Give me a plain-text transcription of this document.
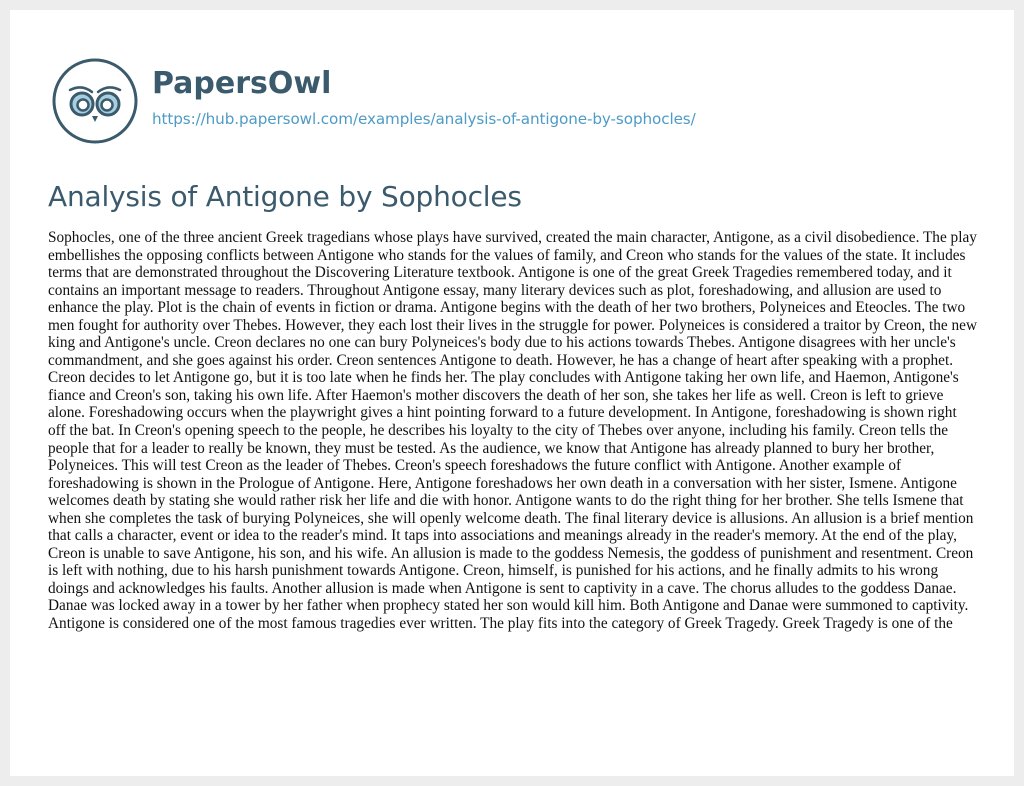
PapersOwl
https://hub.papersowl.com/examples/analysis-of-antigone-by-sophocles/
Analysis of Antigone by Sophocles

Sophocles, one of the three ancient Greek tragedians whose plays have survived, created the main character, Antigone, as a civil disobedience. The play embellishes the opposing conflicts between Antigone who stands for the values of family, and Creon who stands for the values of the state. It includes terms that are demonstrated throughout the Discovering Literature textbook. Antigone is one of the great Greek Tragedies remembered today, and it contains an important message to readers. Throughout Antigone essay, many literary devices such as plot, foreshadowing, and allusion are used to enhance the play. Plot is the chain of events in fiction or drama. Antigone begins with the death of her two brothers, Polyneices and Eteocles. The two men fought for authority over Thebes. However, they each lost their lives in the struggle for power. Polyneices is considered a traitor by Creon, the new king and Antigone's uncle. Creon declares no one can bury Polyneices's body due to his actions towards Thebes. Antigone disagrees with her uncle's commandment, and she goes against his order. Creon sentences Antigone to death. However, he has a change of heart after speaking with a prophet. Creon decides to let Antigone go, but it is too late when he finds her. The play concludes with Antigone taking her own life, and Haemon, Antigone's fiance and Creon's son, taking his own life. After Haemon's mother discovers the death of her son, she takes her life as well. Creon is left to grieve alone. Foreshadowing occurs when the playwright gives a hint pointing forward to a future development. In Antigone, foreshadowing is shown right off the bat. In Creon's opening speech to the people, he describes his loyalty to the city of Thebes over anyone, including his family. Creon tells the people that for a leader to really be known, they must be tested. As the audience, we know that Antigone has already planned to bury her brother, Polyneices. This will test Creon as the leader of Thebes. Creon's speech foreshadows the future conflict with Antigone. Another example of foreshadowing is shown in the Prologue of Antigone. Here, Antigone foreshadows her own death in a conversation with her sister, Ismene. Antigone welcomes death by stating she would rather risk her life and die with honor. Antigone wants to do the right thing for her brother. She tells Ismene that when she completes the task of burying Polyneices, she will openly welcome death. The final literary device is allusions. An allusion is a brief mention that calls a character, event or idea to the reader's mind. It taps into associations and meanings already in the reader's memory. At the end of the play, Creon is unable to save Antigone, his son, and his wife. An allusion is made to the goddess Nemesis, the goddess of punishment and resentment. Creon is left with nothing, due to his harsh punishment towards Antigone. Creon, himself, is punished for his actions, and he finally admits to his wrong doings and acknowledges his faults. Another allusion is made when Antigone is sent to captivity in a cave. The chorus alludes to the goddess Danae. Danae was locked away in a tower by her father when prophecy stated her son would kill him. Both Antigone and Danae were summoned to captivity. Antigone is considered one of the most famous tragedies ever written. The play fits into the category of Greek Tragedy. Greek Tragedy is one of the
